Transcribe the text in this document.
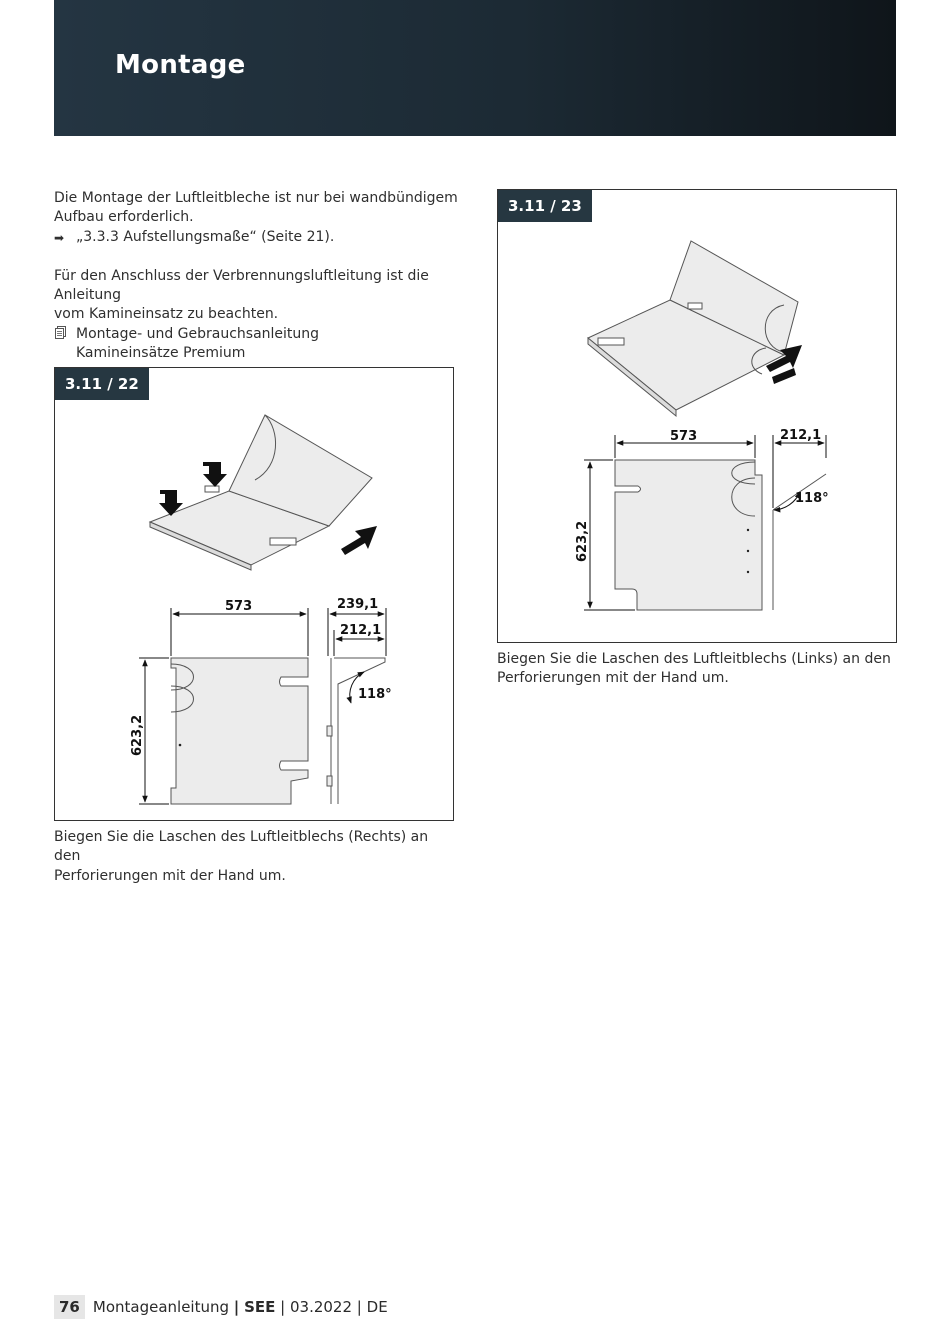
Montage

Die Montage der Luftleitbleche ist nur bei wandbündigem

Aufbau erforderlich.

➡ „3.3.3 Aufstellungsmaße“ (Seite 21).

Für den Anschluss der Verbrennungsluftleitung ist die Anleitung

vom Kamineinsatz zu beachten.

Montage- und Gebrauchsanleitung
Kamineinsätze Premium
573	239,1
212,1
118°
623,2
3.11 / 22
Biegen Sie die Laschen des Luftleitblechs (Rechts) an den
Perforierungen mit der Hand um.
573	212,1
118°
623,2
3.11 / 23
Biegen Sie die Laschen des Luftleitblechs (Links) an den
Perforierungen mit der Hand um.
76 Montageanleitung | SEE | 03.2022 | DE
